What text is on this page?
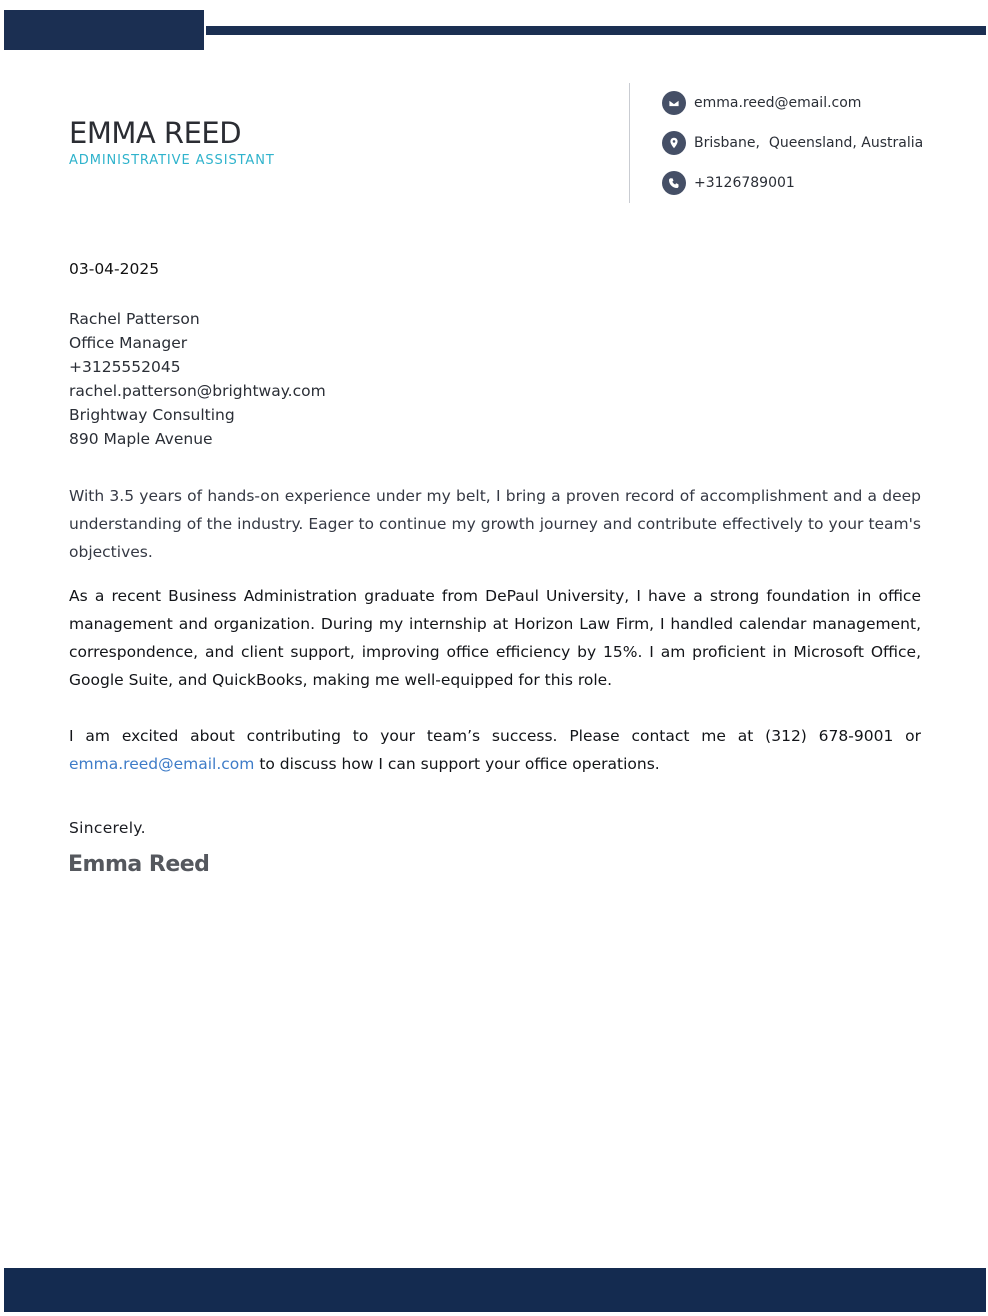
EMMA REED

ADMINISTRATIVE ASSISTANT

emma.reed@email.com
Brisbane,  Queensland, Australia
+3126789001

03-04-2025

Rachel Patterson
Office Manager
+3125552045
rachel.patterson@brightway.com
Brightway Consulting
890 Maple Avenue

With 3.5 years of hands-on experience under my belt, I bring a proven record of accomplishment and a deep understanding of the industry. Eager to continue my growth journey and contribute effectively to your team's objectives.

As a recent Business Administration graduate from DePaul University, I have a strong foundation in office management and organization. During my internship at Horizon Law Firm, I handled calendar management, correspondence, and client support, improving office efficiency by 15%. I am proficient in Microsoft Office, Google Suite, and QuickBooks, making me well-equipped for this role.

I am excited about contributing to your team’s success. Please contact me at (312) 678-9001 or emma.reed@email.com to discuss how I can support your office operations.

Sincerely.

Emma Reed
